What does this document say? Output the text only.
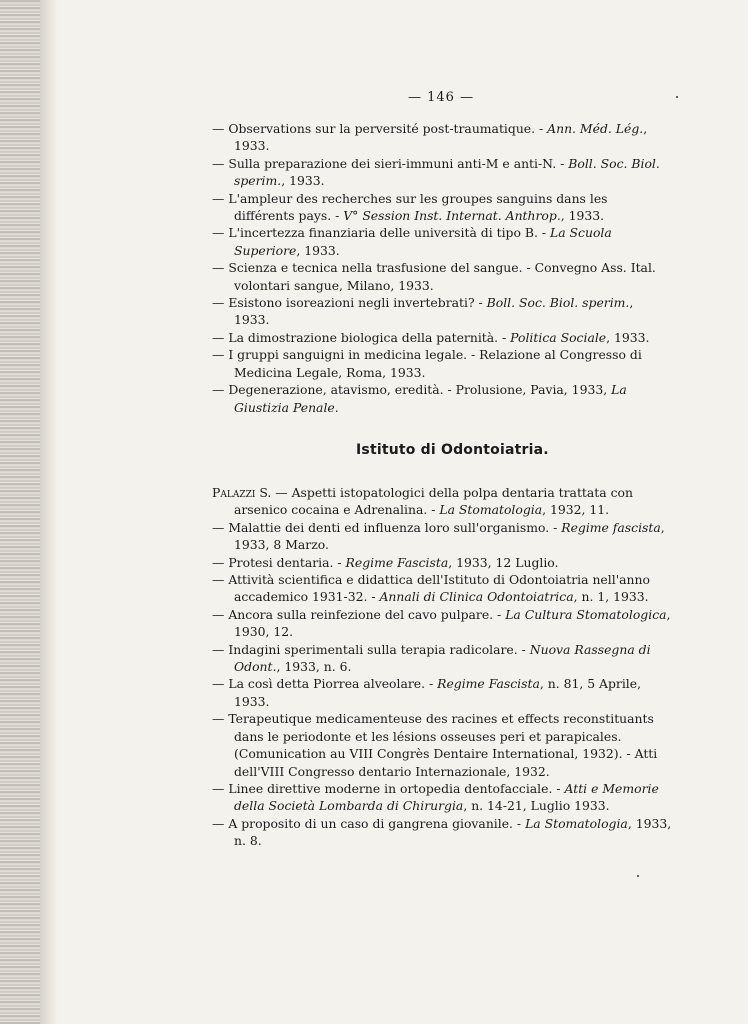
— 146 —
— Observations sur la perversité post-traumatique. - Ann. Méd. Lég., 1933.
— Sulla preparazione dei sieri-immuni anti-M e anti-N. - Boll. Soc. Biol. sperim., 1933.
— L'ampleur des recherches sur les groupes sanguins dans les différents pays. - V° Session Inst. Internat. Anthrop., 1933.
— L'incertezza finanziaria delle università di tipo B. - La Scuola Superiore, 1933.
— Scienza e tecnica nella trasfusione del sangue. - Convegno Ass. Ital. volontari sangue, Milano, 1933.
— Esistono isoreazioni negli invertebrati? - Boll. Soc. Biol. sperim., 1933.
— La dimostrazione biologica della paternità. - Politica Sociale, 1933.
— I gruppi sanguigni in medicina legale. - Relazione al Congresso di Medicina Legale, Roma, 1933.
— Degenerazione, atavismo, eredità. - Prolusione, Pavia, 1933, La Giustizia Penale.
Istituto di Odontoiatria.
Palazzi S. — Aspetti istopatologici della polpa dentaria trattata con arsenico cocaina e Adrenalina. - La Stomatologia, 1932, 11.
— Malattie dei denti ed influenza loro sull'organismo. - Regime fascista, 1933, 8 Marzo.
— Protesi dentaria. - Regime Fascista, 1933, 12 Luglio.
— Attività scientifica e didattica dell'Istituto di Odontoiatria nell'anno accademico 1931-32. - Annali di Clinica Odontoiatrica, n. 1, 1933.
— Ancora sulla reinfezione del cavo pulpare. - La Cultura Stomatologica, 1930, 12.
— Indagini sperimentali sulla terapia radicolare. - Nuova Rassegna di Odont., 1933, n. 6.
— La così detta Piorrea alveolare. - Regime Fascista, n. 81, 5 Aprile, 1933.
— Terapeutique medicamenteuse des racines et effects reconstituants dans le periodonte et les lésions osseuses peri et parapicales. (Comunication au VIII Congrès Dentaire International, 1932). - Atti dell'VIII Congresso dentario Internazionale, 1932.
— Linee direttive moderne in ortopedia dentofacciale. - Atti e Memorie della Società Lombarda di Chirurgia, n. 14-21, Luglio 1933.
— A proposito di un caso di gangrena giovanile. - La Stomatologia, 1933, n. 8.
